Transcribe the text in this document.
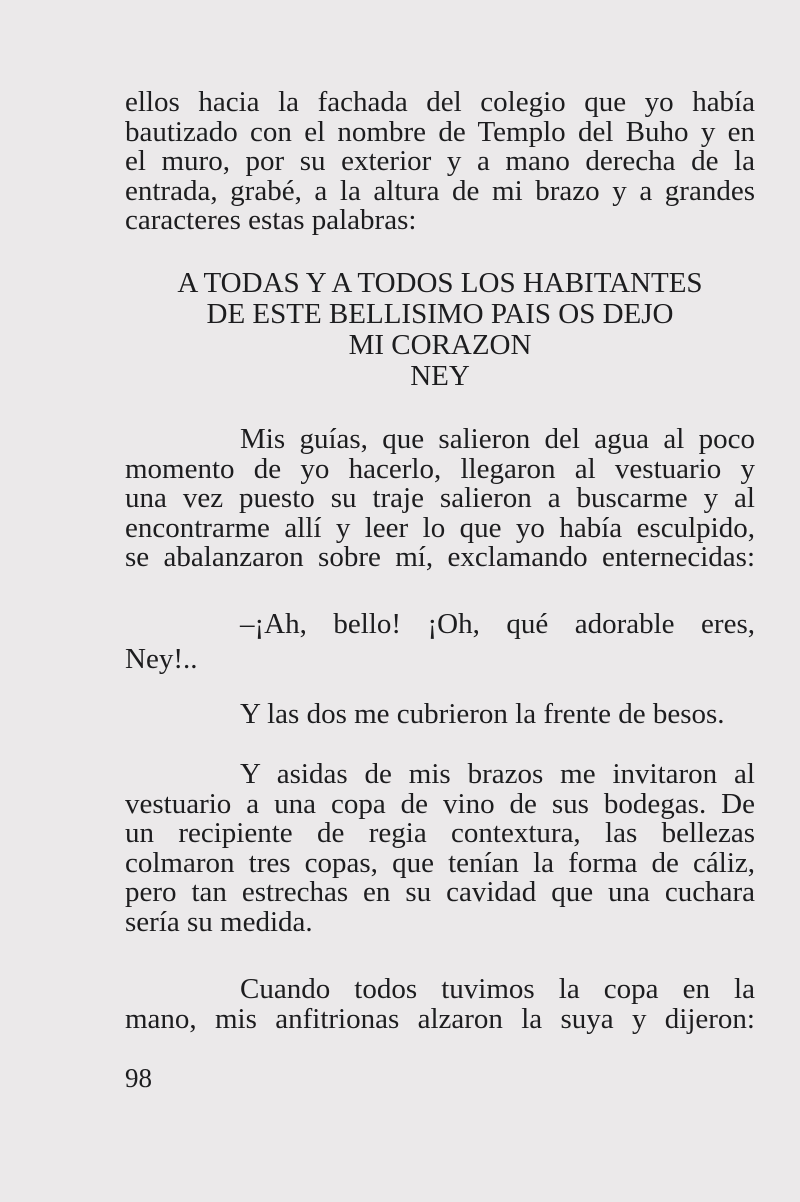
ellos hacia la fachada del colegio que yo había
bautizado con el nombre de Templo del Buho y en
el muro, por su exterior y a mano derecha de la
entrada, grabé, a la altura de mi brazo y a grandes
caracteres estas palabras:
A TODAS Y A TODOS LOS HABITANTES
DE ESTE BELLISIMO PAIS OS DEJO
MI CORAZON
NEY
Mis guías, que salieron del agua al poco
momento de yo hacerlo, llegaron al vestuario y
una vez puesto su traje salieron a buscarme y al
encontrarme allí y leer lo que yo había esculpido,
se abalanzaron sobre mí, exclamando enternecidas:
–¡Ah, bello! ¡Oh, qué adorable eres,
Ney!..
Y las dos me cubrieron la frente de besos.
Y asidas de mis brazos me invitaron al
vestuario a una copa de vino de sus bodegas. De
un recipiente de regia contextura, las bellezas
colmaron tres copas, que tenían la forma de cáliz,
pero tan estrechas en su cavidad que una cuchara
sería su medida.
Cuando todos tuvimos la copa en la
mano, mis anfitrionas alzaron la suya y dijeron:
98
